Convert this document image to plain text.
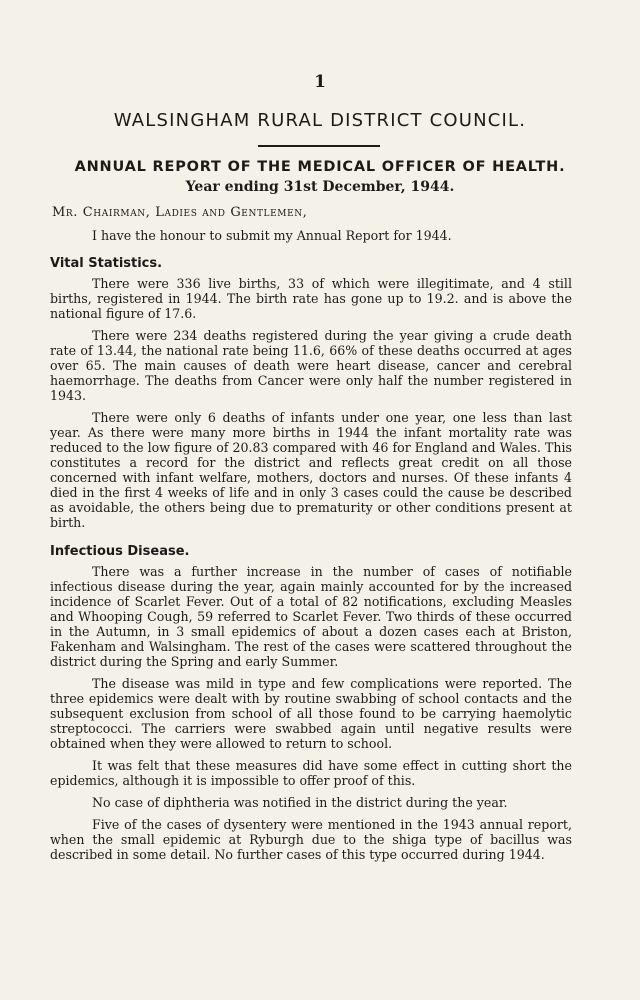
1
WALSINGHAM RURAL DISTRICT COUNCIL.
ANNUAL REPORT OF THE MEDICAL OFFICER OF HEALTH.
Year ending 31st December, 1944.
Mr. Chairman, Ladies and Gentlemen,

I have the honour to submit my Annual Report for 1944.

Vital Statistics.

There were 336 live births, 33 of which were illegitimate, and 4 still births, registered in 1944. The birth rate has gone up to 19.2. and is above the national figure of 17.6.

There were 234 deaths registered during the year giving a crude death rate of 13.44, the national rate being 11.6, 66% of these deaths occurred at ages over 65. The main causes of death were heart disease, cancer and cerebral haemorrhage. The deaths from Cancer were only half the number registered in 1943.

There were only 6 deaths of infants under one year, one less than last year. As there were many more births in 1944 the infant mortality rate was reduced to the low figure of 20.83 compared with 46 for England and Wales. This constitutes a record for the district and reflects great credit on all those concerned with infant welfare, mothers, doctors and nurses. Of these infants 4 died in the first 4 weeks of life and in only 3 cases could the cause be described as avoidable, the others being due to prematurity or other conditions present at birth.

Infectious Disease.

There was a further increase in the number of cases of notifiable infectious disease during the year, again mainly accounted for by the increased incidence of Scarlet Fever. Out of a total of 82 notifications, excluding Measles and Whooping Cough, 59 referred to Scarlet Fever. Two thirds of these occurred in the Autumn, in 3 small epidemics of about a dozen cases each at Briston, Fakenham and Walsingham. The rest of the cases were scattered throughout the district during the Spring and early Summer.

The disease was mild in type and few complications were reported. The three epidemics were dealt with by routine swabbing of school contacts and the subsequent exclusion from school of all those found to be carrying haemolytic streptococci. The carriers were swabbed again until negative results were obtained when they were allowed to return to school.

It was felt that these measures did have some effect in cutting short the epidemics, although it is impossible to offer proof of this.

No case of diphtheria was notified in the district during the year.

Five of the cases of dysentery were mentioned in the 1943 annual report, when the small epidemic at Ryburgh due to the shiga type of bacillus was described in some detail. No further cases of this type occurred during 1944.
